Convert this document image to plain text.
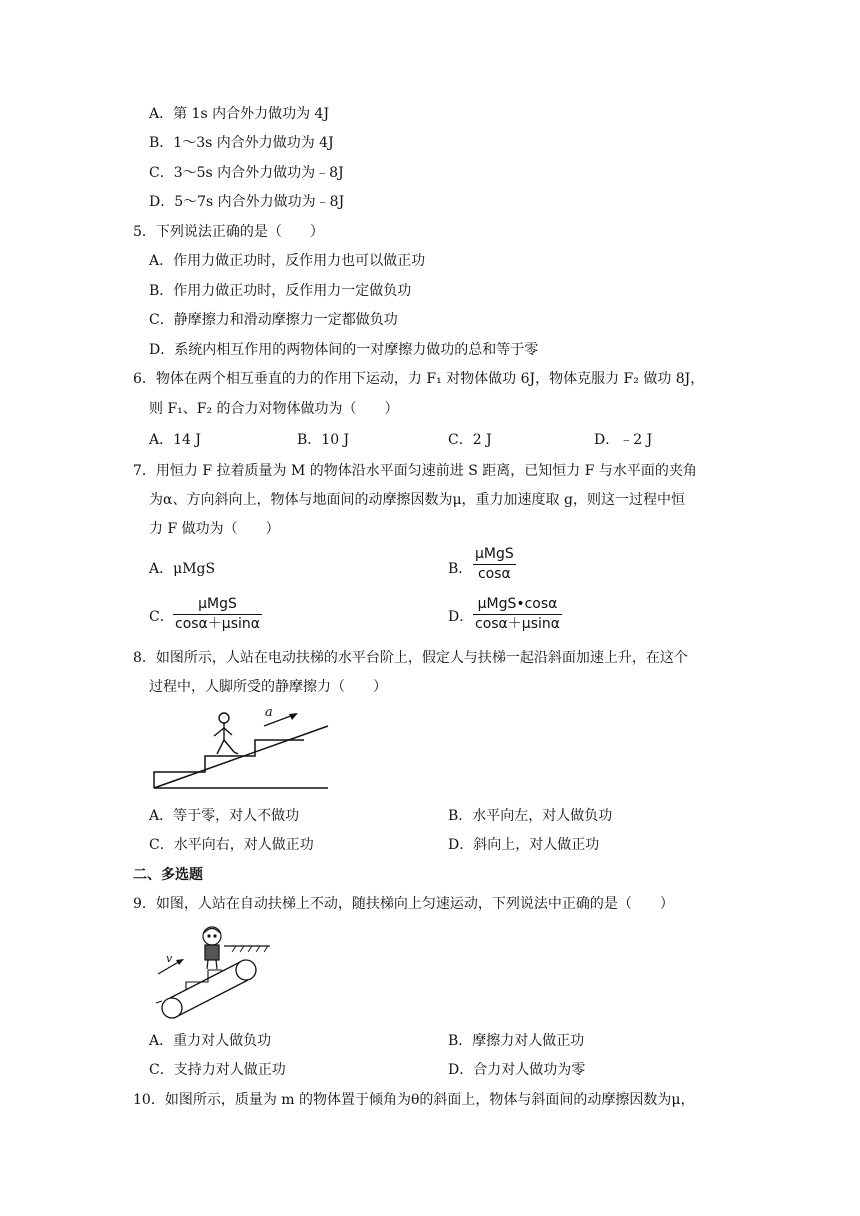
A．第 1s 内合外力做功为 4J
B．1～3s 内合外力做功为 4J
C．3～5s 内合外力做功为﹣8J
D．5～7s 内合外力做功为﹣8J
5．下列说法正确的是（　　）
A．作用力做正功时，反作用力也可以做正功
B．作用力做正功时，反作用力一定做负功
C．静摩擦力和滑动摩擦力一定都做负功
D．系统内相互作用的两物体间的一对摩擦力做功的总和等于零
6．物体在两个相互垂直的力的作用下运动，力 F₁ 对物体做功 6J，物体克服力 F₂ 做功 8J，
则 F₁、F₂ 的合力对物体做功为（　　）
A．14 J	B．10 J	C．2 J	D．﹣2 J
7．用恒力 F 拉着质量为 M 的物体沿水平面匀速前进 S 距离，已知恒力 F 与水平面的夹角
为α、方向斜向上，物体与地面间的动摩擦因数为μ，重力加速度取 g，则这一过程中恒
力 F 做功为（　　）
A．μMgS	B．
μMgS
cosα
C．
μMgS
cosα＋μsinα	D．
μMgS•cosα
cosα＋μsinα
8．如图所示，人站在电动扶梯的水平台阶上，假定人与扶梯一起沿斜面加速上升，在这个
过程中，人脚所受的静摩擦力（　　）
a
A．等于零，对人不做功	B．水平向左，对人做负功
C．水平向右，对人做正功	D．斜向上，对人做正功
二、多选题
9．如图，人站在自动扶梯上不动，随扶梯向上匀速运动，下列说法中正确的是（　　）
v
A．重力对人做负功	B．摩擦力对人做正功
C．支持力对人做正功	D．合力对人做功为零
10．如图所示，质量为 m 的物体置于倾角为θ的斜面上，物体与斜面间的动摩擦因数为μ，
